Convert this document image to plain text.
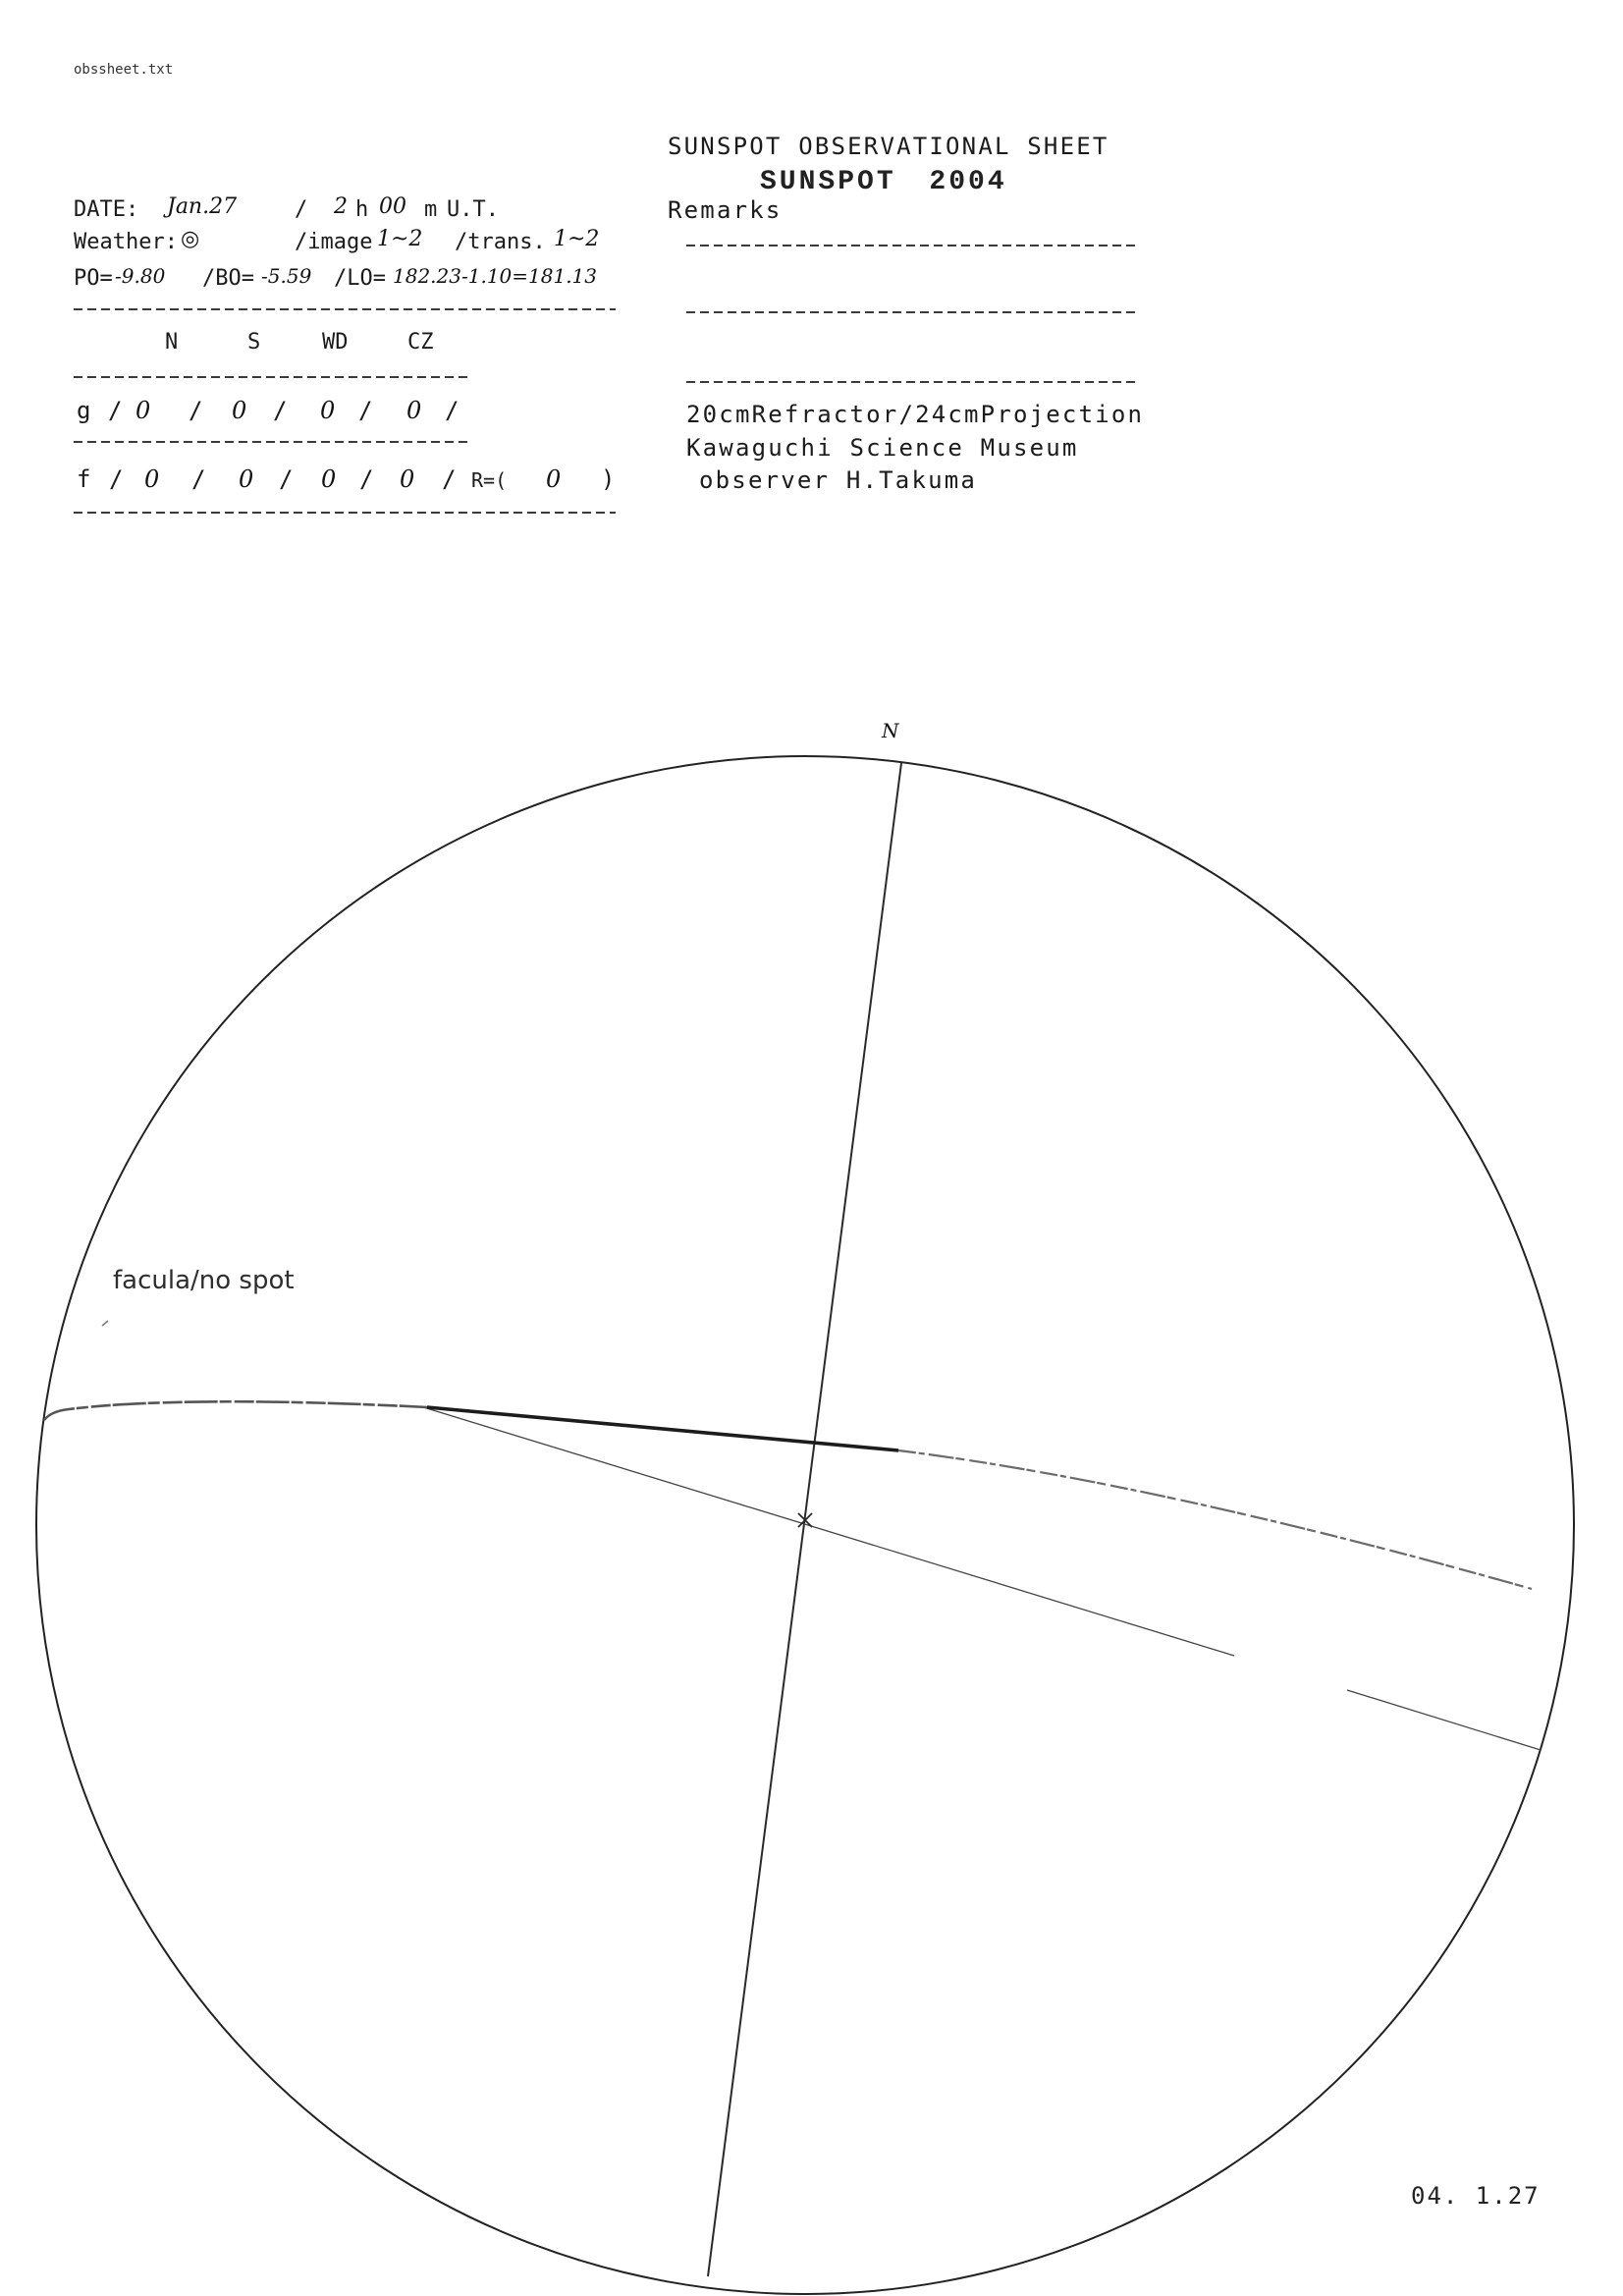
obssheet.txt
SUNSPOT OBSERVATIONAL SHEET
SUNSPOT 2004
DATE: Jan.27	/ 2 h 00 m U.T.	Remarks
Weather: ◎	/image 1~2 /trans. 1~2
PO= -9.80 /BO= -5.59 /LO= 182.23-1.10=181.13
N	S	WD	CZ
g / 0 / 0 / 0 / 0 /	20cmRefractor/24cmProjection
Kawaguchi Science Museum
observer H.Takuma
f / 0 / 0 / 0 / 0 / R=( 0 )
N
facula/no spot
04. 1.27
